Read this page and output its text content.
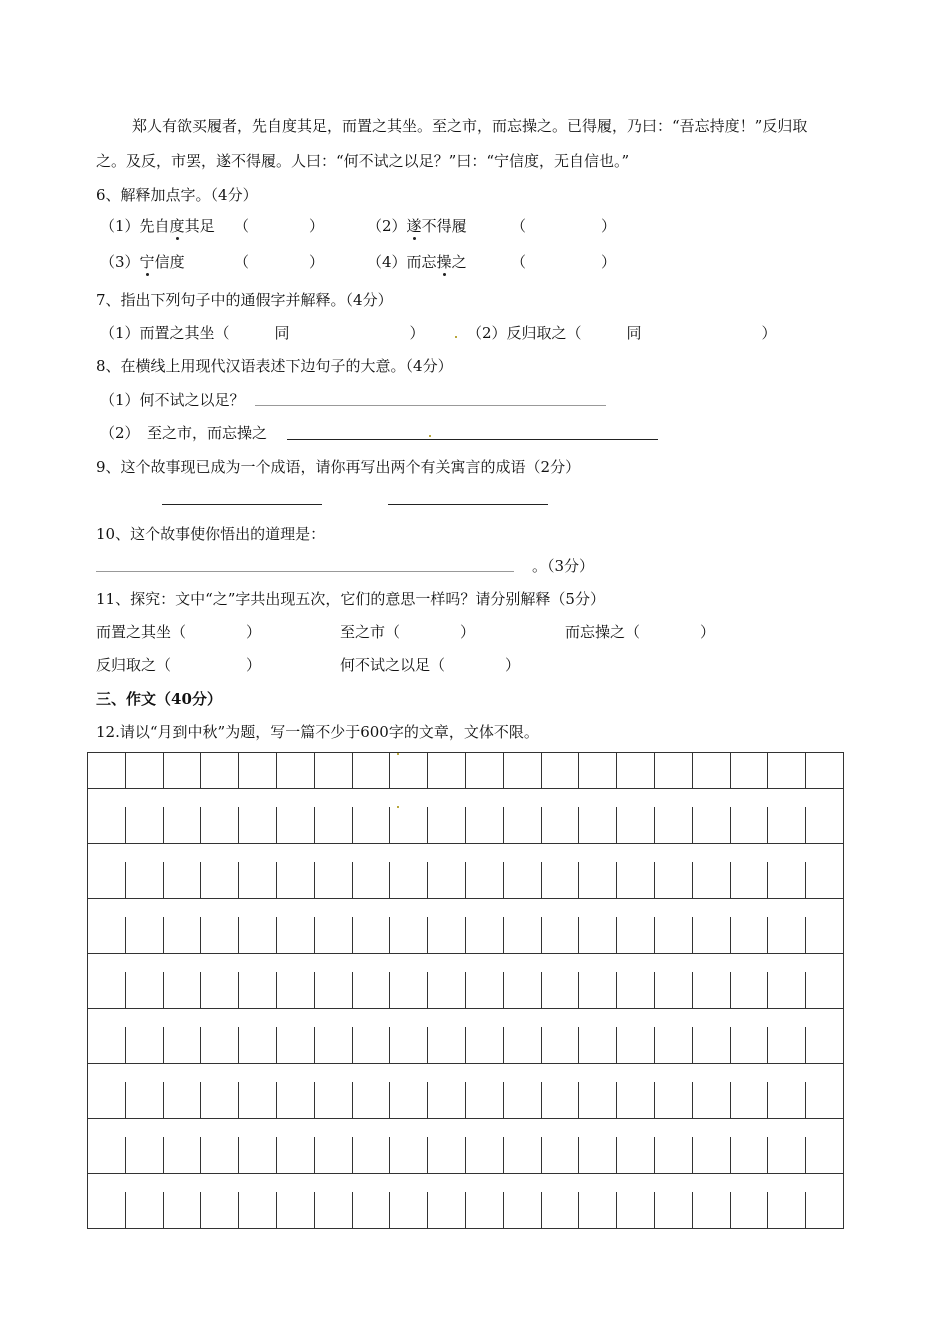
郑人有欲买履者，先自度其足，而置之其坐。至之市，而忘操之。已得履，乃曰：“吾忘持度！”反归取
之。及反，市罢，遂不得履。人曰：“何不试之以足？”曰：“宁信度，无自信也。”
6、解释加点字。（4分）
（1）先自度其足 （　　　　）	（2）遂不得履	（　　　　　）
（3）宁信度	（　　　　）	（4）而忘操之	（　　　　　）
7、指出下列句子中的通假字并解释。（4分）
（1）而置之其坐（　　　同　　　　　　　　）	（2）反归取之（　　　同　　　　　　　　）
8、在横线上用现代汉语表述下边句子的大意。（4分）
（1）何不试之以足？
（2）　至之市，而忘操之
9、这个故事现已成为一个成语，请你再写出两个有关寓言的成语（2分）
10、这个故事使你悟出的道理是：
。（3分）
11、探究：文中“之”字共出现五次，它们的意思一样吗？请分别解释（5分）
而置之其坐（　　　　）	至之市（　　　　）	而忘操之（　　　　）
反归取之（　　　　　）	何不试之以足（　　　　）
三、作文（40分）
12.请以“月到中秋”为题，写一篇不少于600字的文章，文体不限。
